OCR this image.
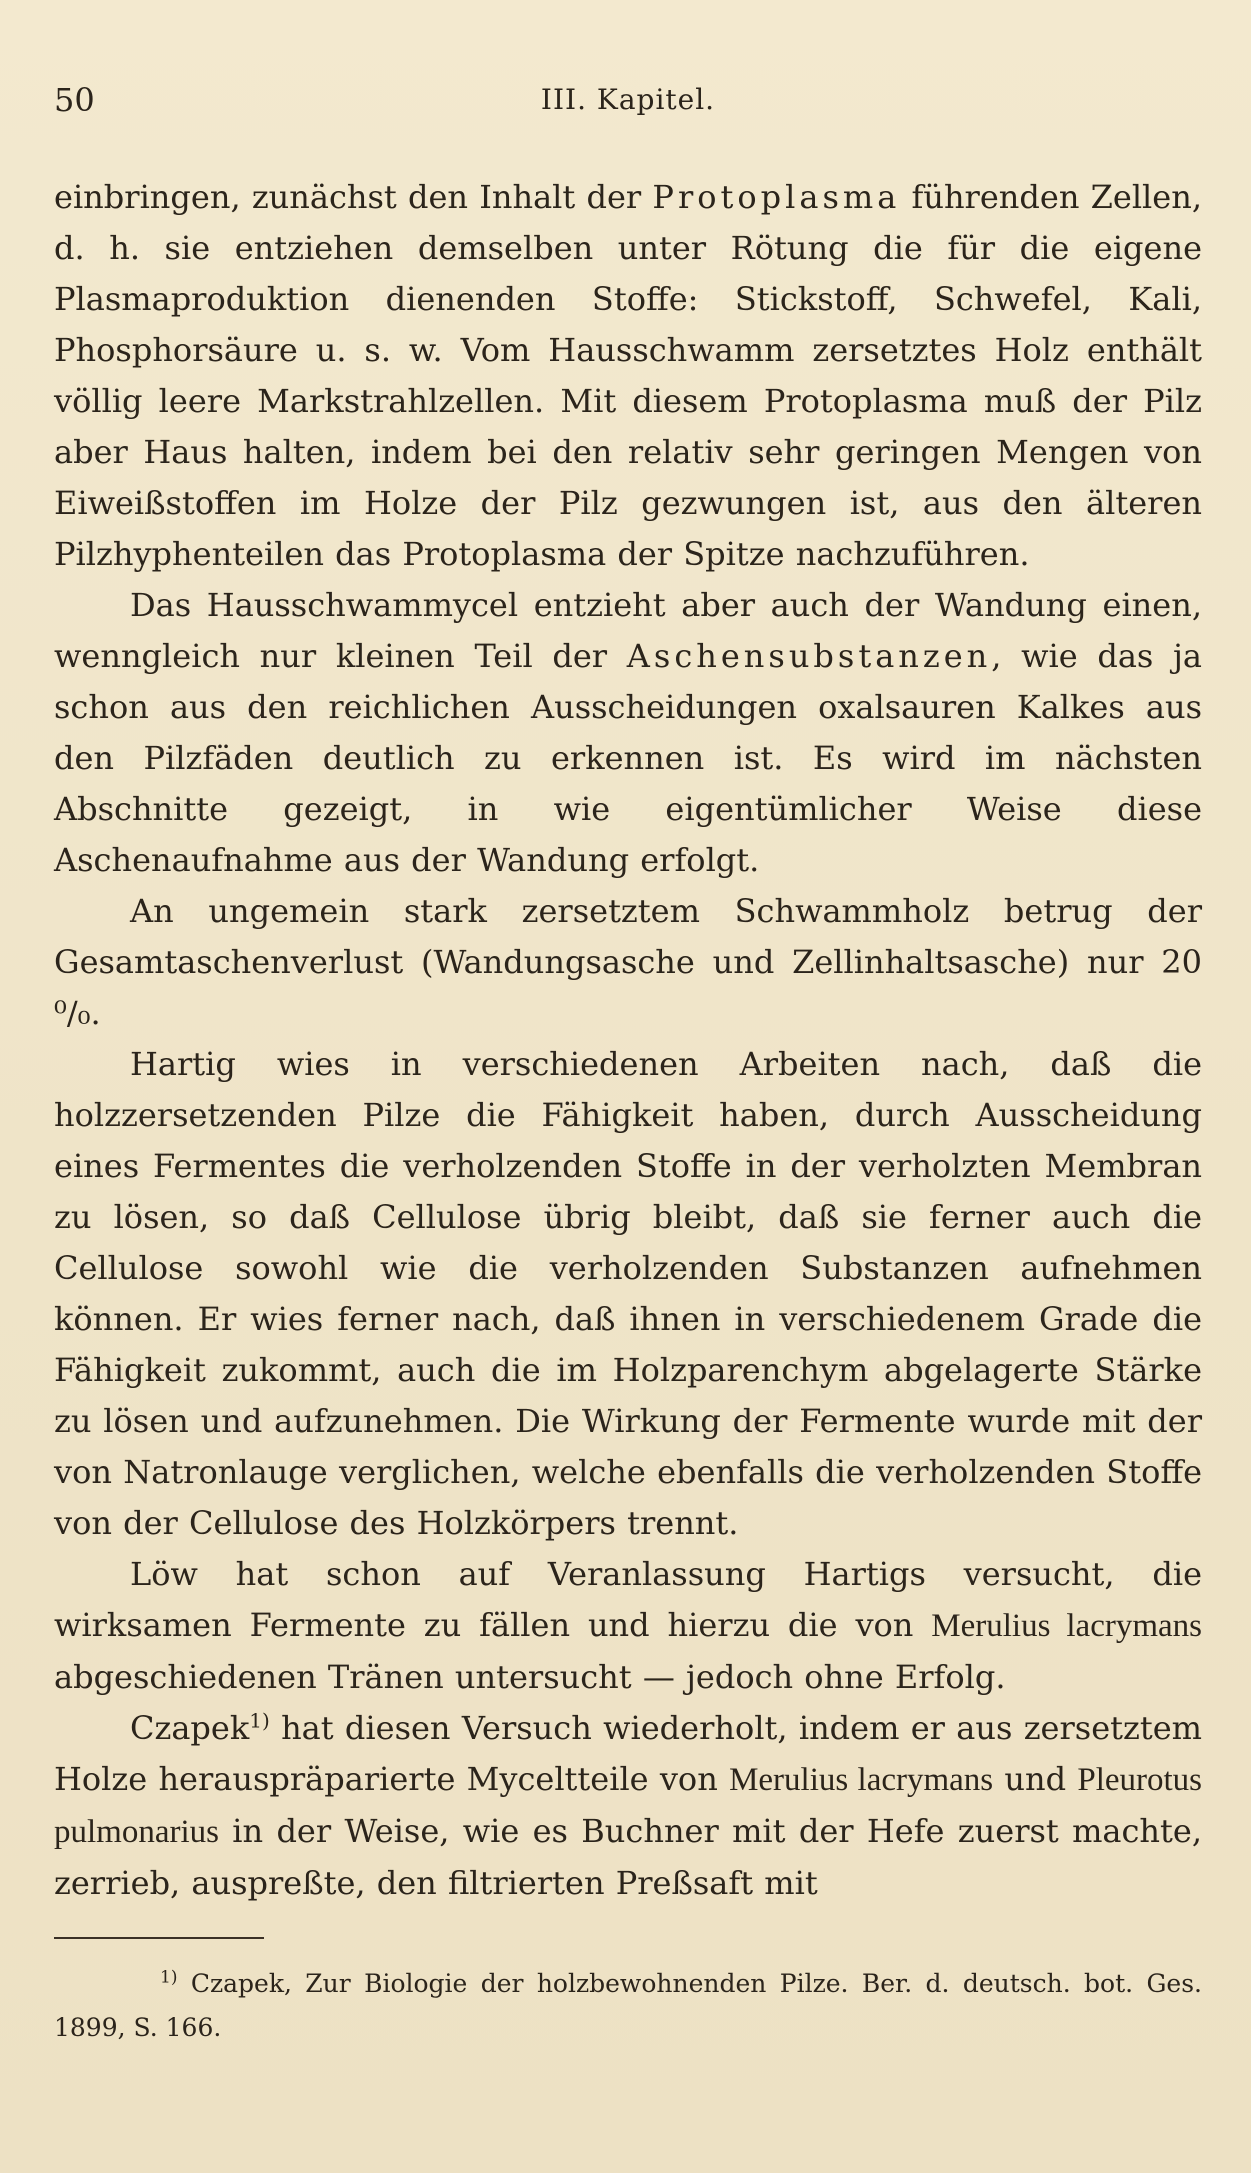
50	III. Kapitel.

einbringen, zunächst den Inhalt der Protoplasma führenden Zellen, d. h. sie entziehen demselben unter Rötung die für die eigene Plasmaproduktion dienenden Stoffe: Stickstoff, Schwefel, Kali, Phosphorsäure u. s. w. Vom Hausschwamm zersetztes Holz enthält völlig leere Markstrahlzellen. Mit diesem Protoplasma muß der Pilz aber Haus halten, indem bei den relativ sehr geringen Mengen von Eiweißstoffen im Holze der Pilz gezwungen ist, aus den älteren Pilzhyphenteilen das Protoplasma der Spitze nachzuführen.

Das Hausschwammycel entzieht aber auch der Wandung einen, wenngleich nur kleinen Teil der Aschensubstanzen, wie das ja schon aus den reichlichen Ausscheidungen oxalsauren Kalkes aus den Pilzfäden deutlich zu erkennen ist. Es wird im nächsten Abschnitte gezeigt, in wie eigentümlicher Weise diese Aschenaufnahme aus der Wandung erfolgt.

An ungemein stark zersetztem Schwammholz betrug der Gesamtaschenverlust (Wandungsasche und Zellinhaltsasche) nur 20 ⁰/₀.

Hartig wies in verschiedenen Arbeiten nach, daß die holzzersetzenden Pilze die Fähigkeit haben, durch Ausscheidung eines Fermentes die verholzenden Stoffe in der verholzten Membran zu lösen, so daß Cellulose übrig bleibt, daß sie ferner auch die Cellulose sowohl wie die verholzenden Substanzen aufnehmen können. Er wies ferner nach, daß ihnen in verschiedenem Grade die Fähigkeit zukommt, auch die im Holzparenchym abgelagerte Stärke zu lösen und aufzunehmen. Die Wirkung der Fermente wurde mit der von Natronlauge verglichen, welche ebenfalls die verholzenden Stoffe von der Cellulose des Holzkörpers trennt.

Löw hat schon auf Veranlassung Hartigs versucht, die wirksamen Fermente zu fällen und hierzu die von Merulius lacrymans abgeschiedenen Tränen untersucht — jedoch ohne Erfolg.

Czapek$^{1)}$ hat diesen Versuch wiederholt, indem er aus zersetztem Holze herauspräparierte Myceltteile von Merulius lacrymans und Pleurotus pulmonarius in der Weise, wie es Buchner mit der Hefe zuerst machte, zerrieb, auspreßte, den filtrierten Preßsaft mit

$^{1)}$ Czapek, Zur Biologie der holzbewohnenden Pilze. Ber. d. deutsch. bot. Ges. 1899, S. 166.
